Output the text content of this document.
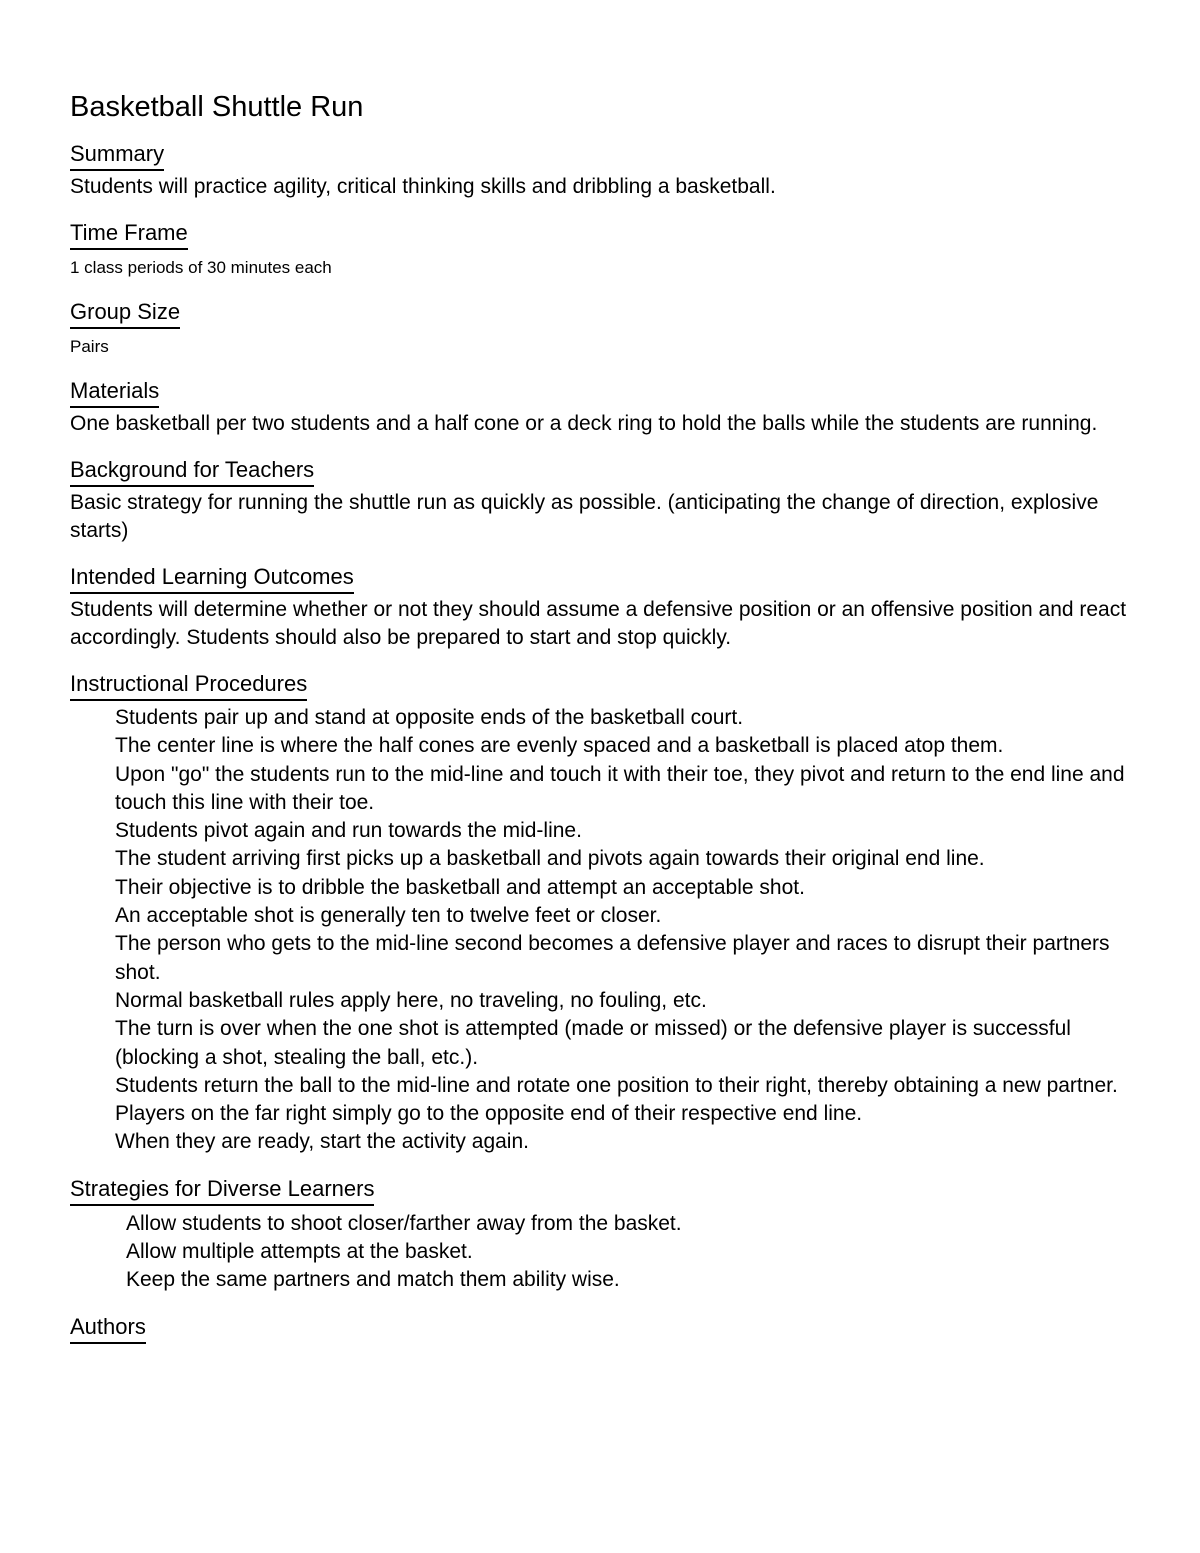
Basketball Shuttle Run
Summary

Students will practice agility, critical thinking skills and dribbling a basketball.

Time Frame

1 class periods of 30 minutes each

Group Size

Pairs

Materials

One basketball per two students and a half cone or a deck ring to hold the balls while the students are running.

Background for Teachers

Basic strategy for running the shuttle run as quickly as possible. (anticipating the change of direction, explosive starts)

Intended Learning Outcomes

Students will determine whether or not they should assume a defensive position or an offensive position and react accordingly. Students should also be prepared to start and stop quickly.

Instructional Procedures
Students pair up and stand at opposite ends of the basketball court.
The center line is where the half cones are evenly spaced and a basketball is placed atop them.
Upon "go" the students run to the mid-line and touch it with their toe, they pivot and return to the end line and touch this line with their toe.
Students pivot again and run towards the mid-line.
The student arriving first picks up a basketball and pivots again towards their original end line.
Their objective is to dribble the basketball and attempt an acceptable shot.
An acceptable shot is generally ten to twelve feet or closer.
The person who gets to the mid-line second becomes a defensive player and races to disrupt their partners shot.
Normal basketball rules apply here, no traveling, no fouling, etc.
The turn is over when the one shot is attempted (made or missed) or the defensive player is successful (blocking a shot, stealing the ball, etc.).
Students return the ball to the mid-line and rotate one position to their right, thereby obtaining a new partner.
Players on the far right simply go to the opposite end of their respective end line.
When they are ready, start the activity again.
Strategies for Diverse Learners
Allow students to shoot closer/farther away from the basket.
Allow multiple attempts at the basket.
Keep the same partners and match them ability wise.
Authors
